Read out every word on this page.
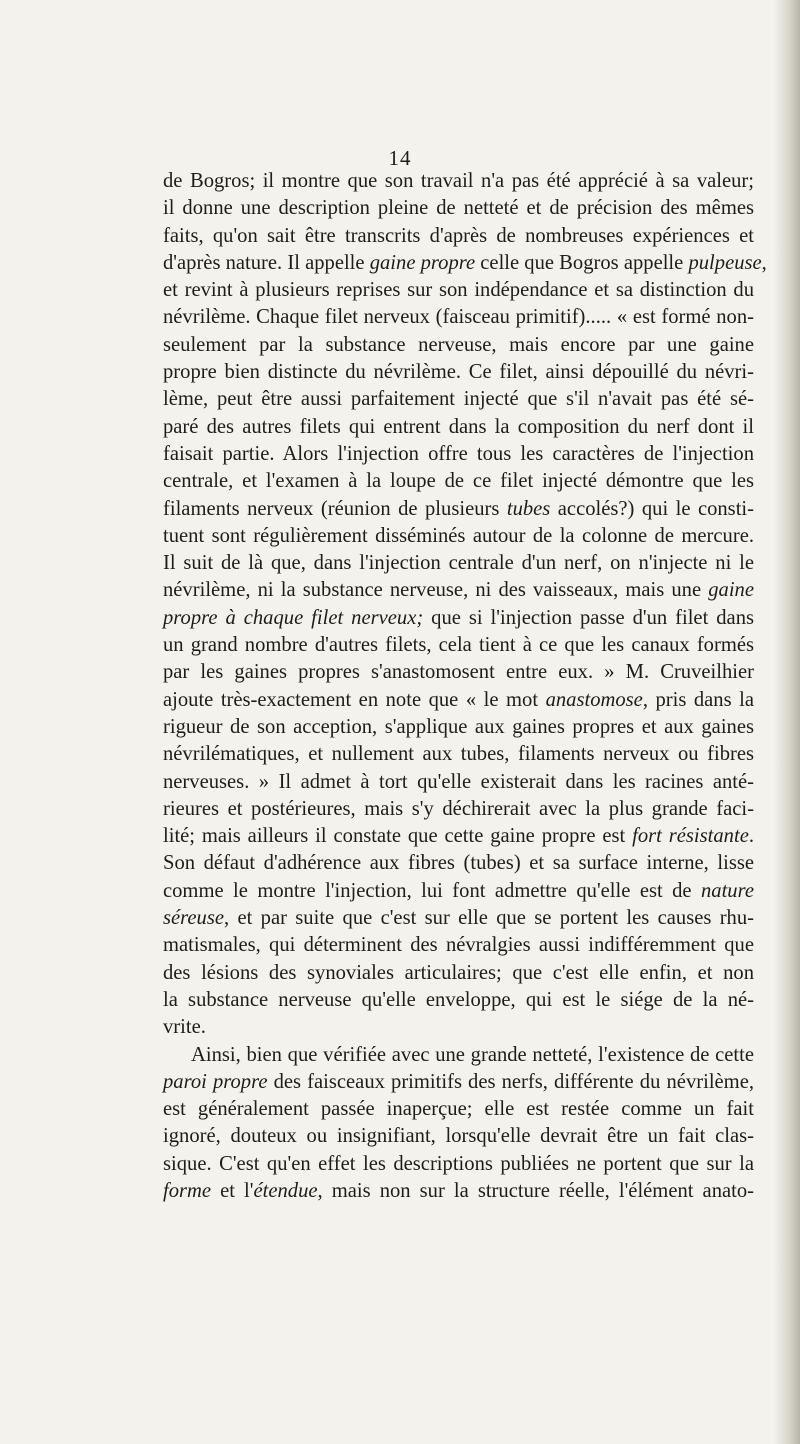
14
de Bogros; il montre que son travail n'a pas été apprécié à sa valeur;
il donne une description pleine de netteté et de précision des mêmes
faits, qu'on sait être transcrits d'après de nombreuses expériences et
d'après nature. Il appelle gaine propre celle que Bogros appelle pulpeuse,
et revint à plusieurs reprises sur son indépendance et sa distinction du
névrilème. Chaque filet nerveux (faisceau primitif)..... « est formé non-
seulement par la substance nerveuse, mais encore par une gaine
propre bien distincte du névrilème. Ce filet, ainsi dépouillé du névri-
lème, peut être aussi parfaitement injecté que s'il n'avait pas été sé-
paré des autres filets qui entrent dans la composition du nerf dont il
faisait partie. Alors l'injection offre tous les caractères de l'injection
centrale, et l'examen à la loupe de ce filet injecté démontre que les
filaments nerveux (réunion de plusieurs tubes accolés?) qui le consti-
tuent sont régulièrement disséminés autour de la colonne de mercure.
Il suit de là que, dans l'injection centrale d'un nerf, on n'injecte ni le
névrilème, ni la substance nerveuse, ni des vaisseaux, mais une gaine
propre à chaque filet nerveux; que si l'injection passe d'un filet dans
un grand nombre d'autres filets, cela tient à ce que les canaux formés
par les gaines propres s'anastomosent entre eux. » M. Cruveilhier
ajoute très-exactement en note que « le mot anastomose, pris dans la
rigueur de son acception, s'applique aux gaines propres et aux gaines
névrilématiques, et nullement aux tubes, filaments nerveux ou fibres
nerveuses. » Il admet à tort qu'elle existerait dans les racines anté-
rieures et postérieures, mais s'y déchirerait avec la plus grande faci-
lité; mais ailleurs il constate que cette gaine propre est fort résistante.
Son défaut d'adhérence aux fibres (tubes) et sa surface interne, lisse
comme le montre l'injection, lui font admettre qu'elle est de nature
séreuse, et par suite que c'est sur elle que se portent les causes rhu-
matismales, qui déterminent des névralgies aussi indifféremment que
des lésions des synoviales articulaires; que c'est elle enfin, et non
la substance nerveuse qu'elle enveloppe, qui est le siége de la né-
vrite.
Ainsi, bien que vérifiée avec une grande netteté, l'existence de cette
paroi propre des faisceaux primitifs des nerfs, différente du névrilème,
est généralement passée inaperçue; elle est restée comme un fait
ignoré, douteux ou insignifiant, lorsqu'elle devrait être un fait clas-
sique. C'est qu'en effet les descriptions publiées ne portent que sur la
forme et l'étendue, mais non sur la structure réelle, l'élément anato-
